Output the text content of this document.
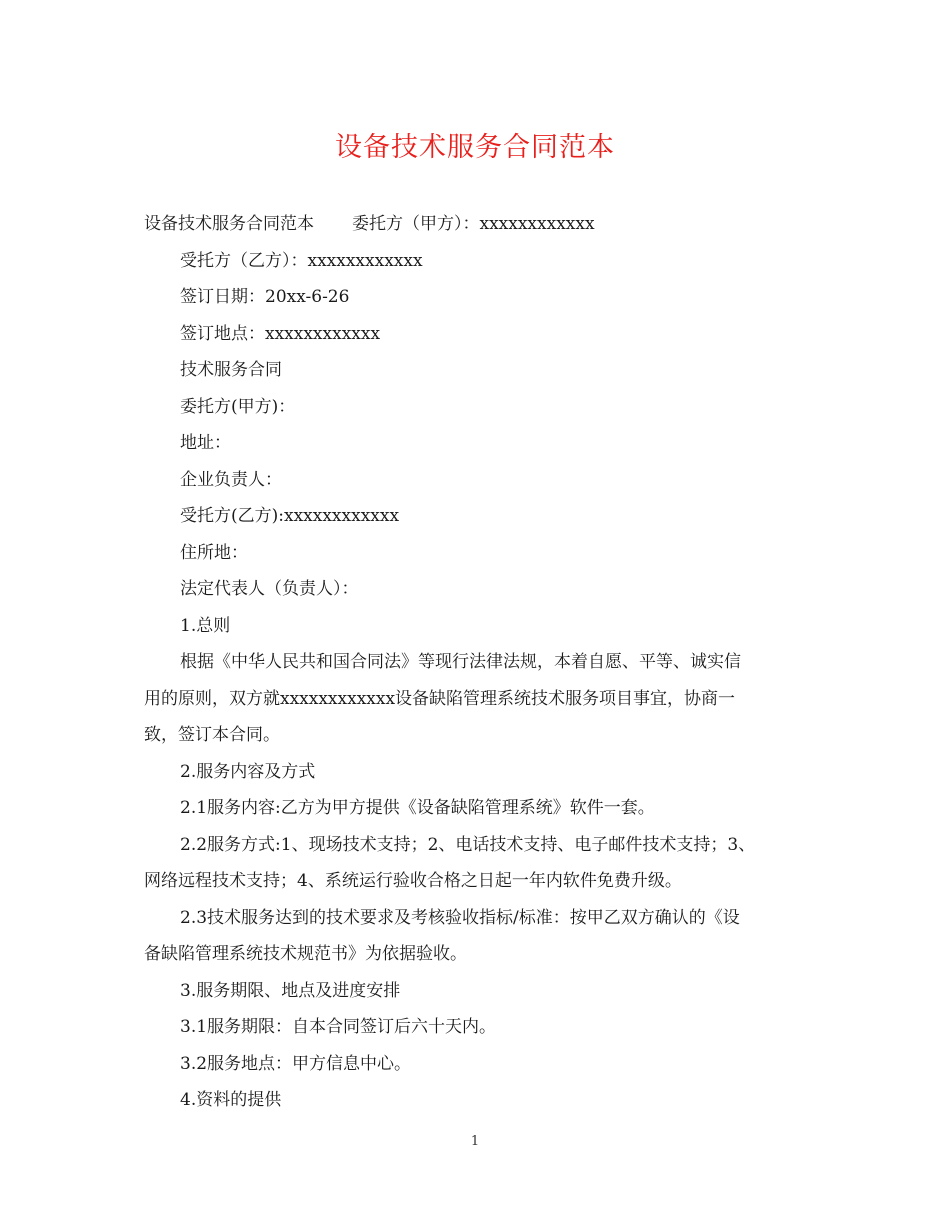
设备技术服务合同范本
设备技术服务合同范本 委托方（甲方）：xxxxxxxxxxxx
受托方（乙方）：xxxxxxxxxxxx
签订日期：20xx-6-26
签订地点：xxxxxxxxxxxx
技术服务合同
委托方(甲方)：
地址：
企业负责人：
受托方(乙方):xxxxxxxxxxxx
住所地：
法定代表人（负责人）：
1.总则
根据《中华人民共和国合同法》等现行法律法规，本着自愿、平等、诚实信
用的原则，双方就xxxxxxxxxxxx设备缺陷管理系统技术服务项目事宜，协商一
致，签订本合同。
2.服务内容及方式
2.1服务内容:乙方为甲方提供《设备缺陷管理系统》软件一套。
2.2服务方式:1、现场技术支持；2、电话技术支持、电子邮件技术支持；3、
网络远程技术支持；4、系统运行验收合格之日起一年内软件免费升级。
2.3技术服务达到的技术要求及考核验收指标/标准：按甲乙双方确认的《设
备缺陷管理系统技术规范书》为依据验收。
3.服务期限、地点及进度安排
3.1服务期限：自本合同签订后六十天内。
3.2服务地点：甲方信息中心。
4.资料的提供
1
